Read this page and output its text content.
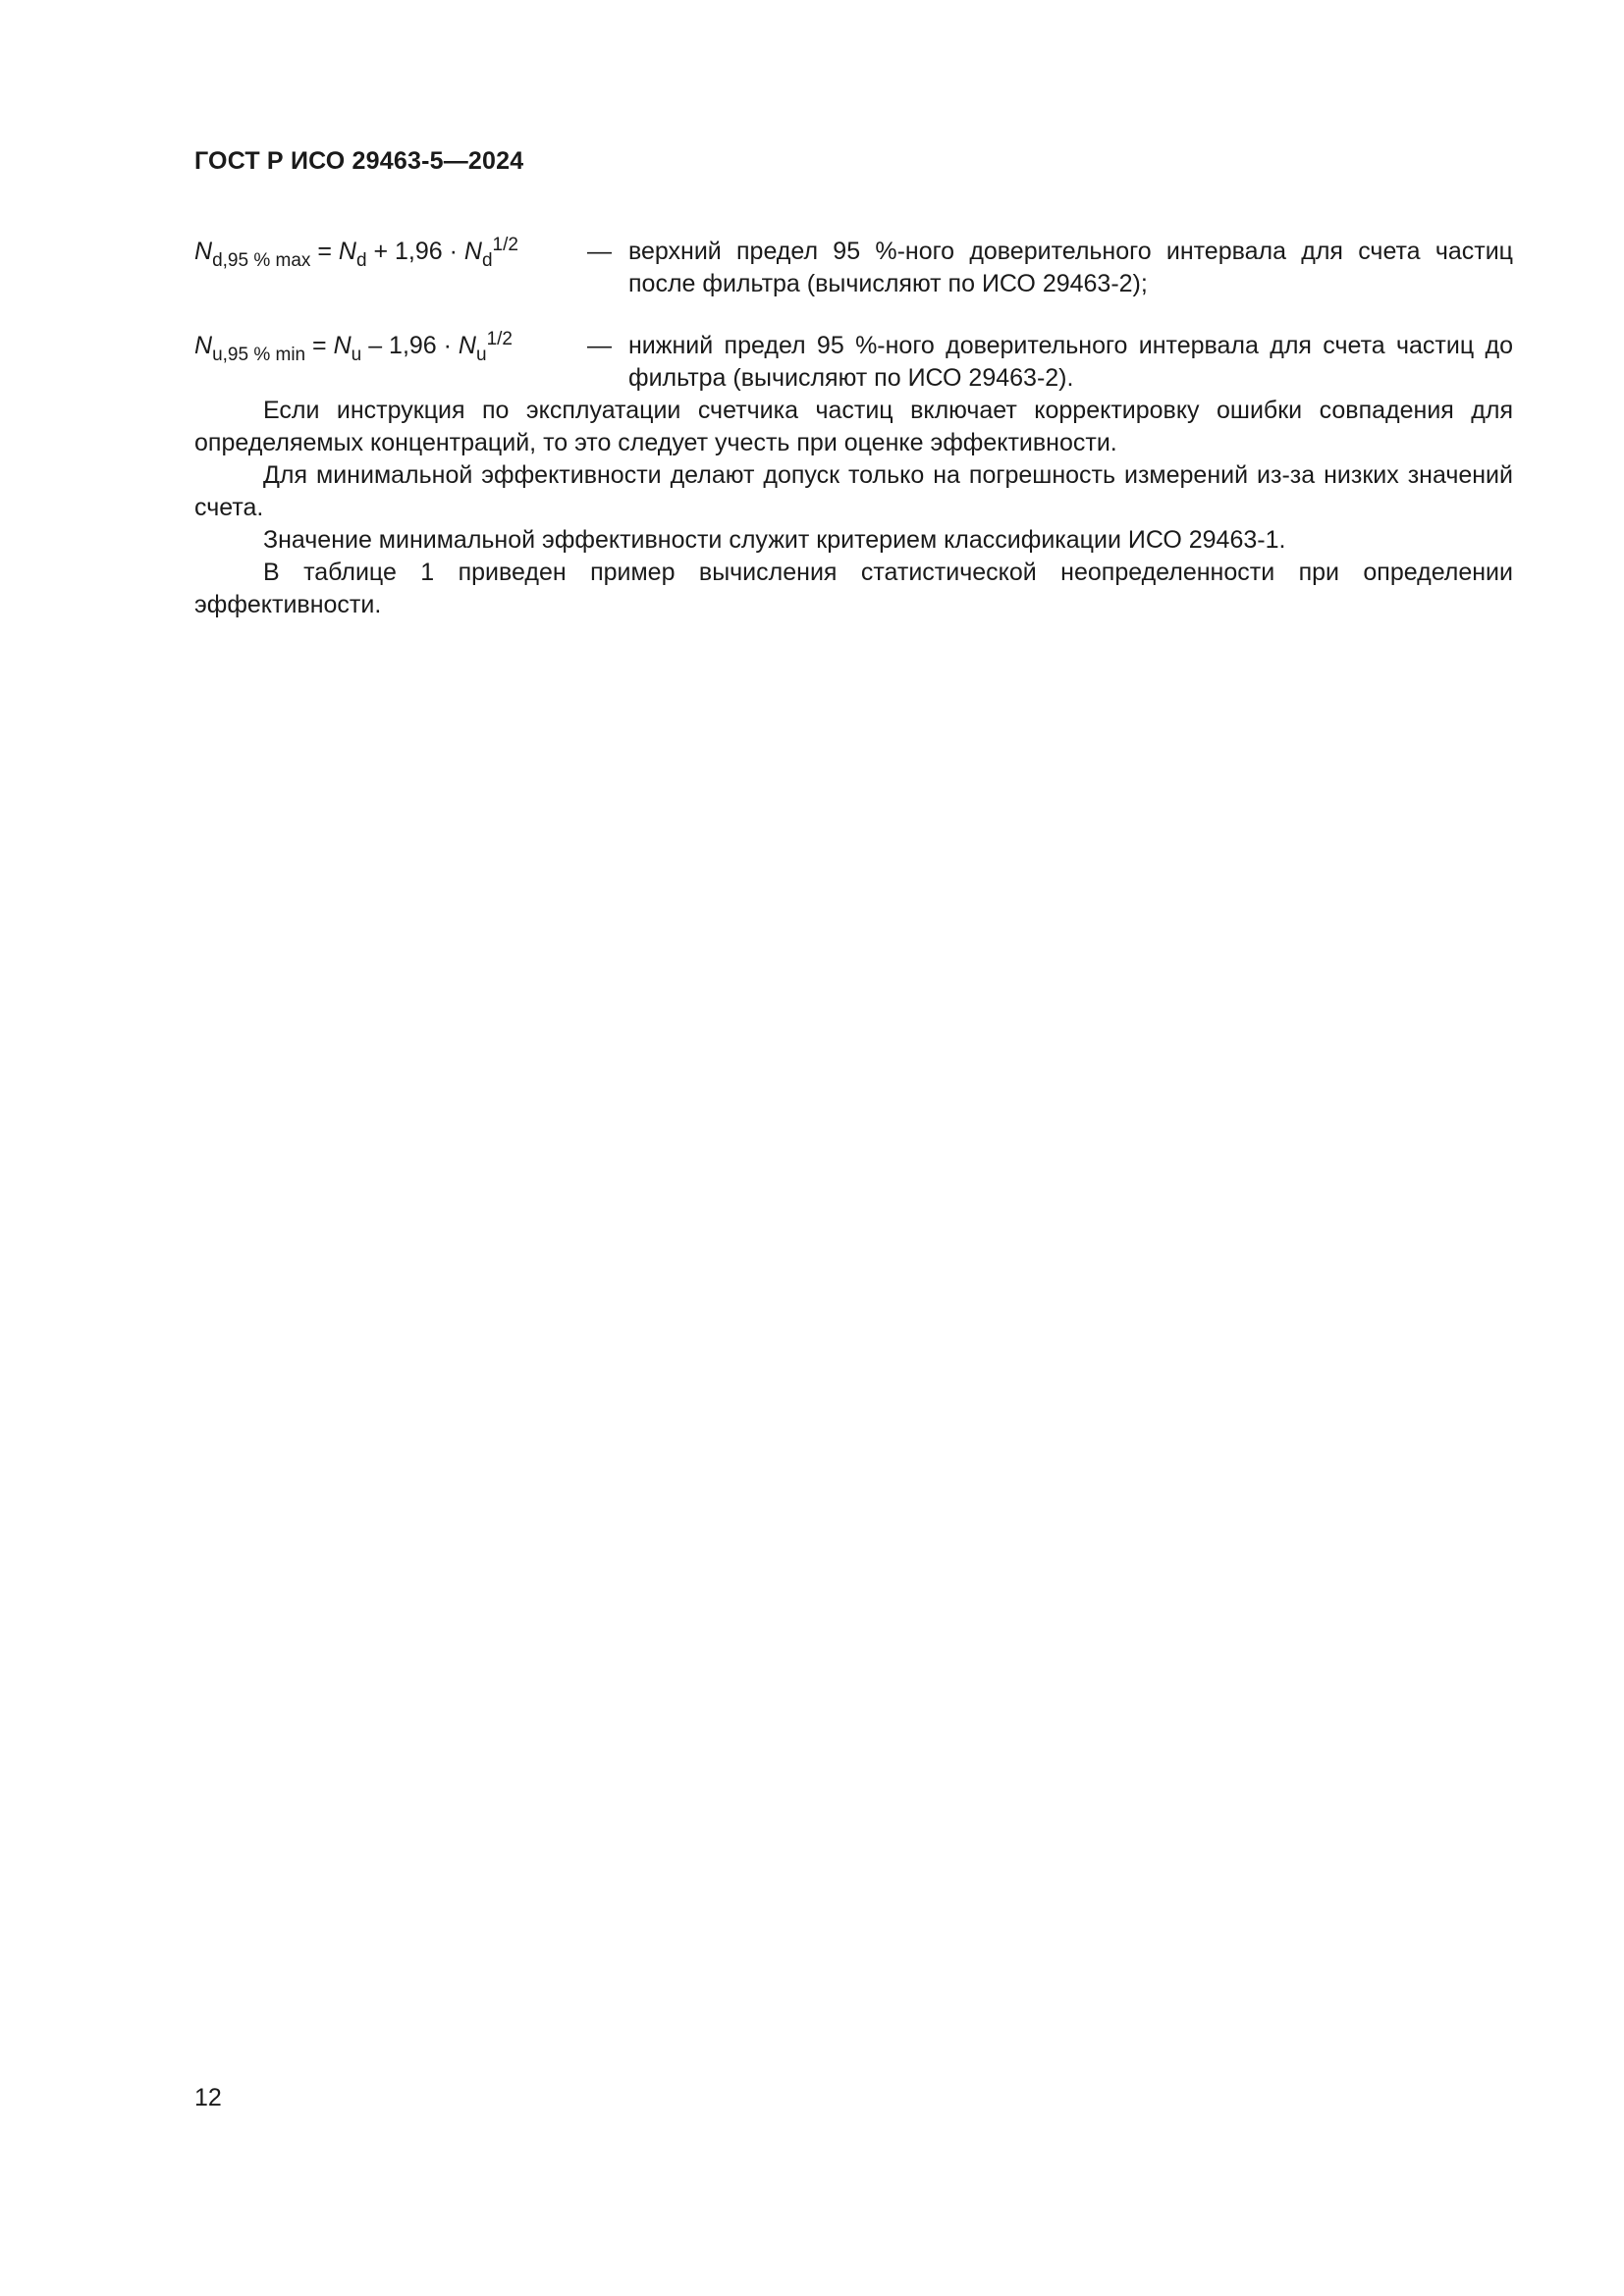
ГОСТ Р ИСО 29463-5—2024
$N_{d,95 \% max} = N_d + 1,96 \cdot N_d^{1/2}$	— верхний предел 95 %-ного доверительного интервала для счета частиц после фильтра (вычисляют по ИСО 29463-2);
$N_{u,95 \% min} = N_u - 1,96 \cdot N_u^{1/2}$	— нижний предел 95 %-ного доверительного интервала для счета частиц до фильтра (вычисляют по ИСО 29463-2).

Если инструкция по эксплуатации счетчика частиц включает корректировку ошибки совпадения для определяемых концентраций, то это следует учесть при оценке эффективности.

Для минимальной эффективности делают допуск только на погрешность измерений из-за низких значений счета.

Значение минимальной эффективности служит критерием классификации ИСО 29463-1.

В таблице 1 приведен пример вычисления статистической неопределенности при определении эффективности.

12
